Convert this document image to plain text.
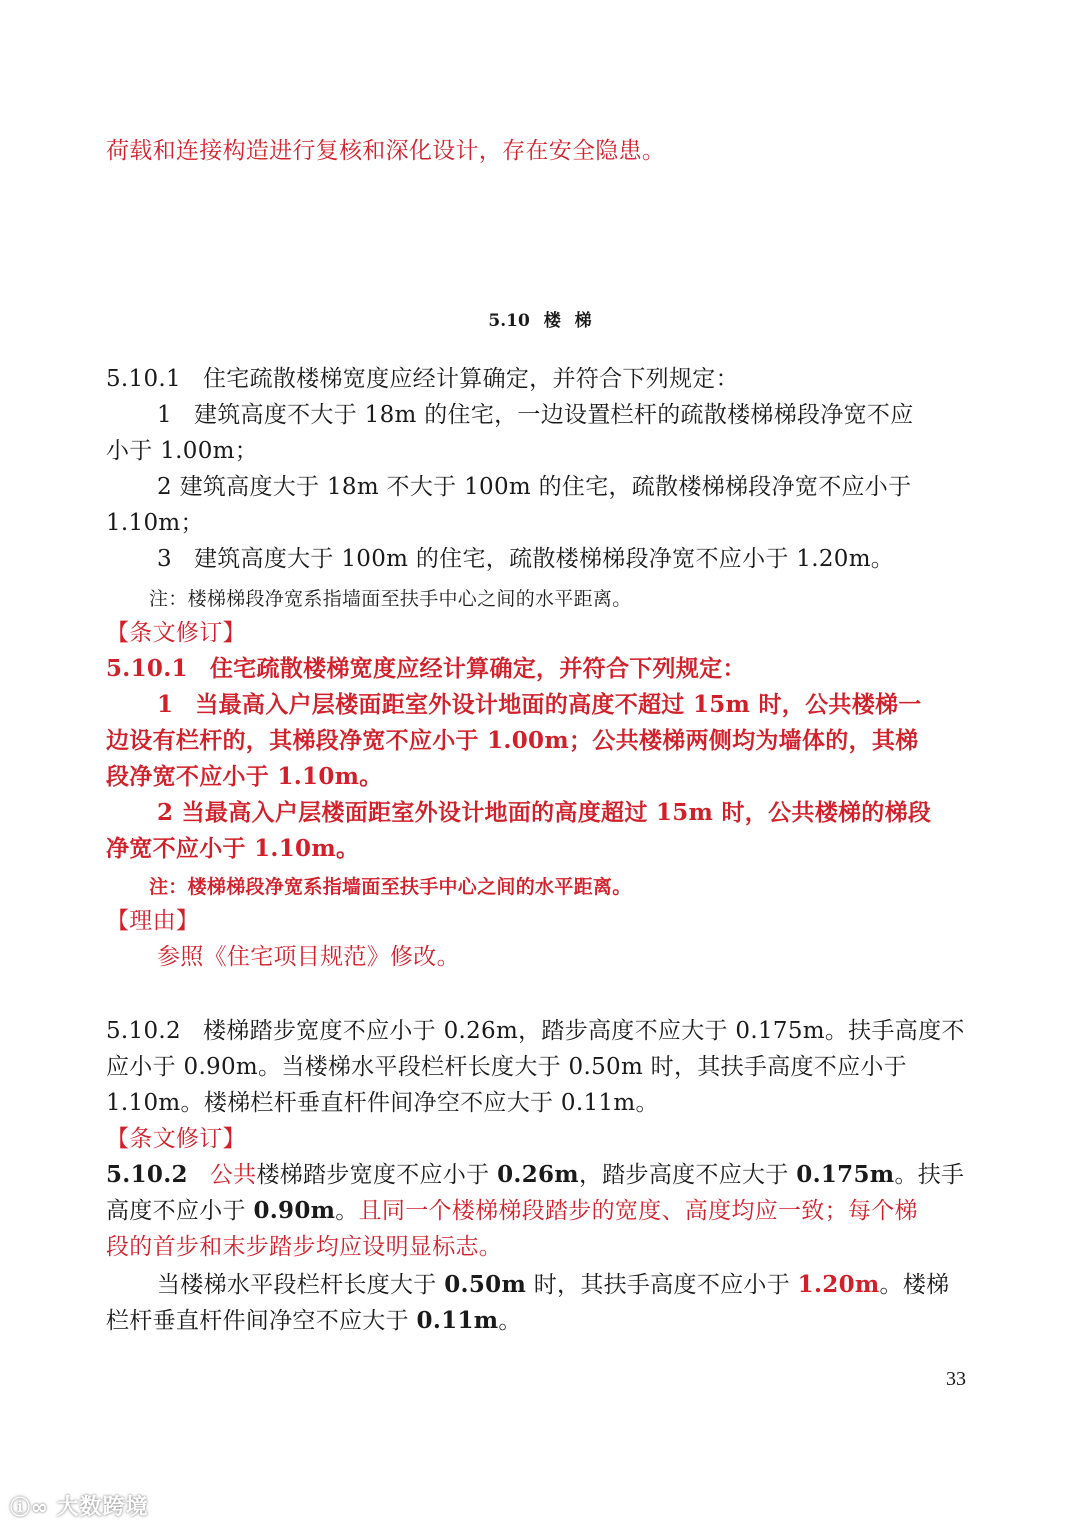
荷载和连接构造进行复核和深化设计，存在安全隐患。
5.10 楼 梯
5.10.1 住宅疏散楼梯宽度应经计算确定，并符合下列规定：
1 建筑高度不大于 18m 的住宅，一边设置栏杆的疏散楼梯梯段净宽不应
小于 1.00m；
2 建筑高度大于 18m 不大于 100m 的住宅，疏散楼梯梯段净宽不应小于
1.10m；
3 建筑高度大于 100m 的住宅，疏散楼梯梯段净宽不应小于 1.20m。
注：楼梯梯段净宽系指墙面至扶手中心之间的水平距离。
【条文修订】
5.10.1 住宅疏散楼梯宽度应经计算确定，并符合下列规定：
1 当最高入户层楼面距室外设计地面的高度不超过 15m 时，公共楼梯一
边设有栏杆的，其梯段净宽不应小于 1.00m；公共楼梯两侧均为墙体的，其梯
段净宽不应小于 1.10m。
2 当最高入户层楼面距室外设计地面的高度超过 15m 时，公共楼梯的梯段
净宽不应小于 1.10m。
注：楼梯梯段净宽系指墙面至扶手中心之间的水平距离。
【理由】
参照《住宅项目规范》修改。
5.10.2 楼梯踏步宽度不应小于 0.26m，踏步高度不应大于 0.175m。扶手高度不
应小于 0.90m。当楼梯水平段栏杆长度大于 0.50m 时，其扶手高度不应小于
1.10m。楼梯栏杆垂直杆件间净空不应大于 0.11m。
【条文修订】
5.10.2 公共楼梯踏步宽度不应小于 0.26m，踏步高度不应大于 0.175m。扶手
高度不应小于 0.90m。且同一个楼梯梯段踏步的宽度、高度均应一致；每个梯
段的首步和末步踏步均应设明显标志。
当楼梯水平段栏杆长度大于 0.50m 时，其扶手高度不应小于 1.20m。楼梯
栏杆垂直杆件间净空不应大于 0.11m。
33
ⓘ∞ 大数跨境
